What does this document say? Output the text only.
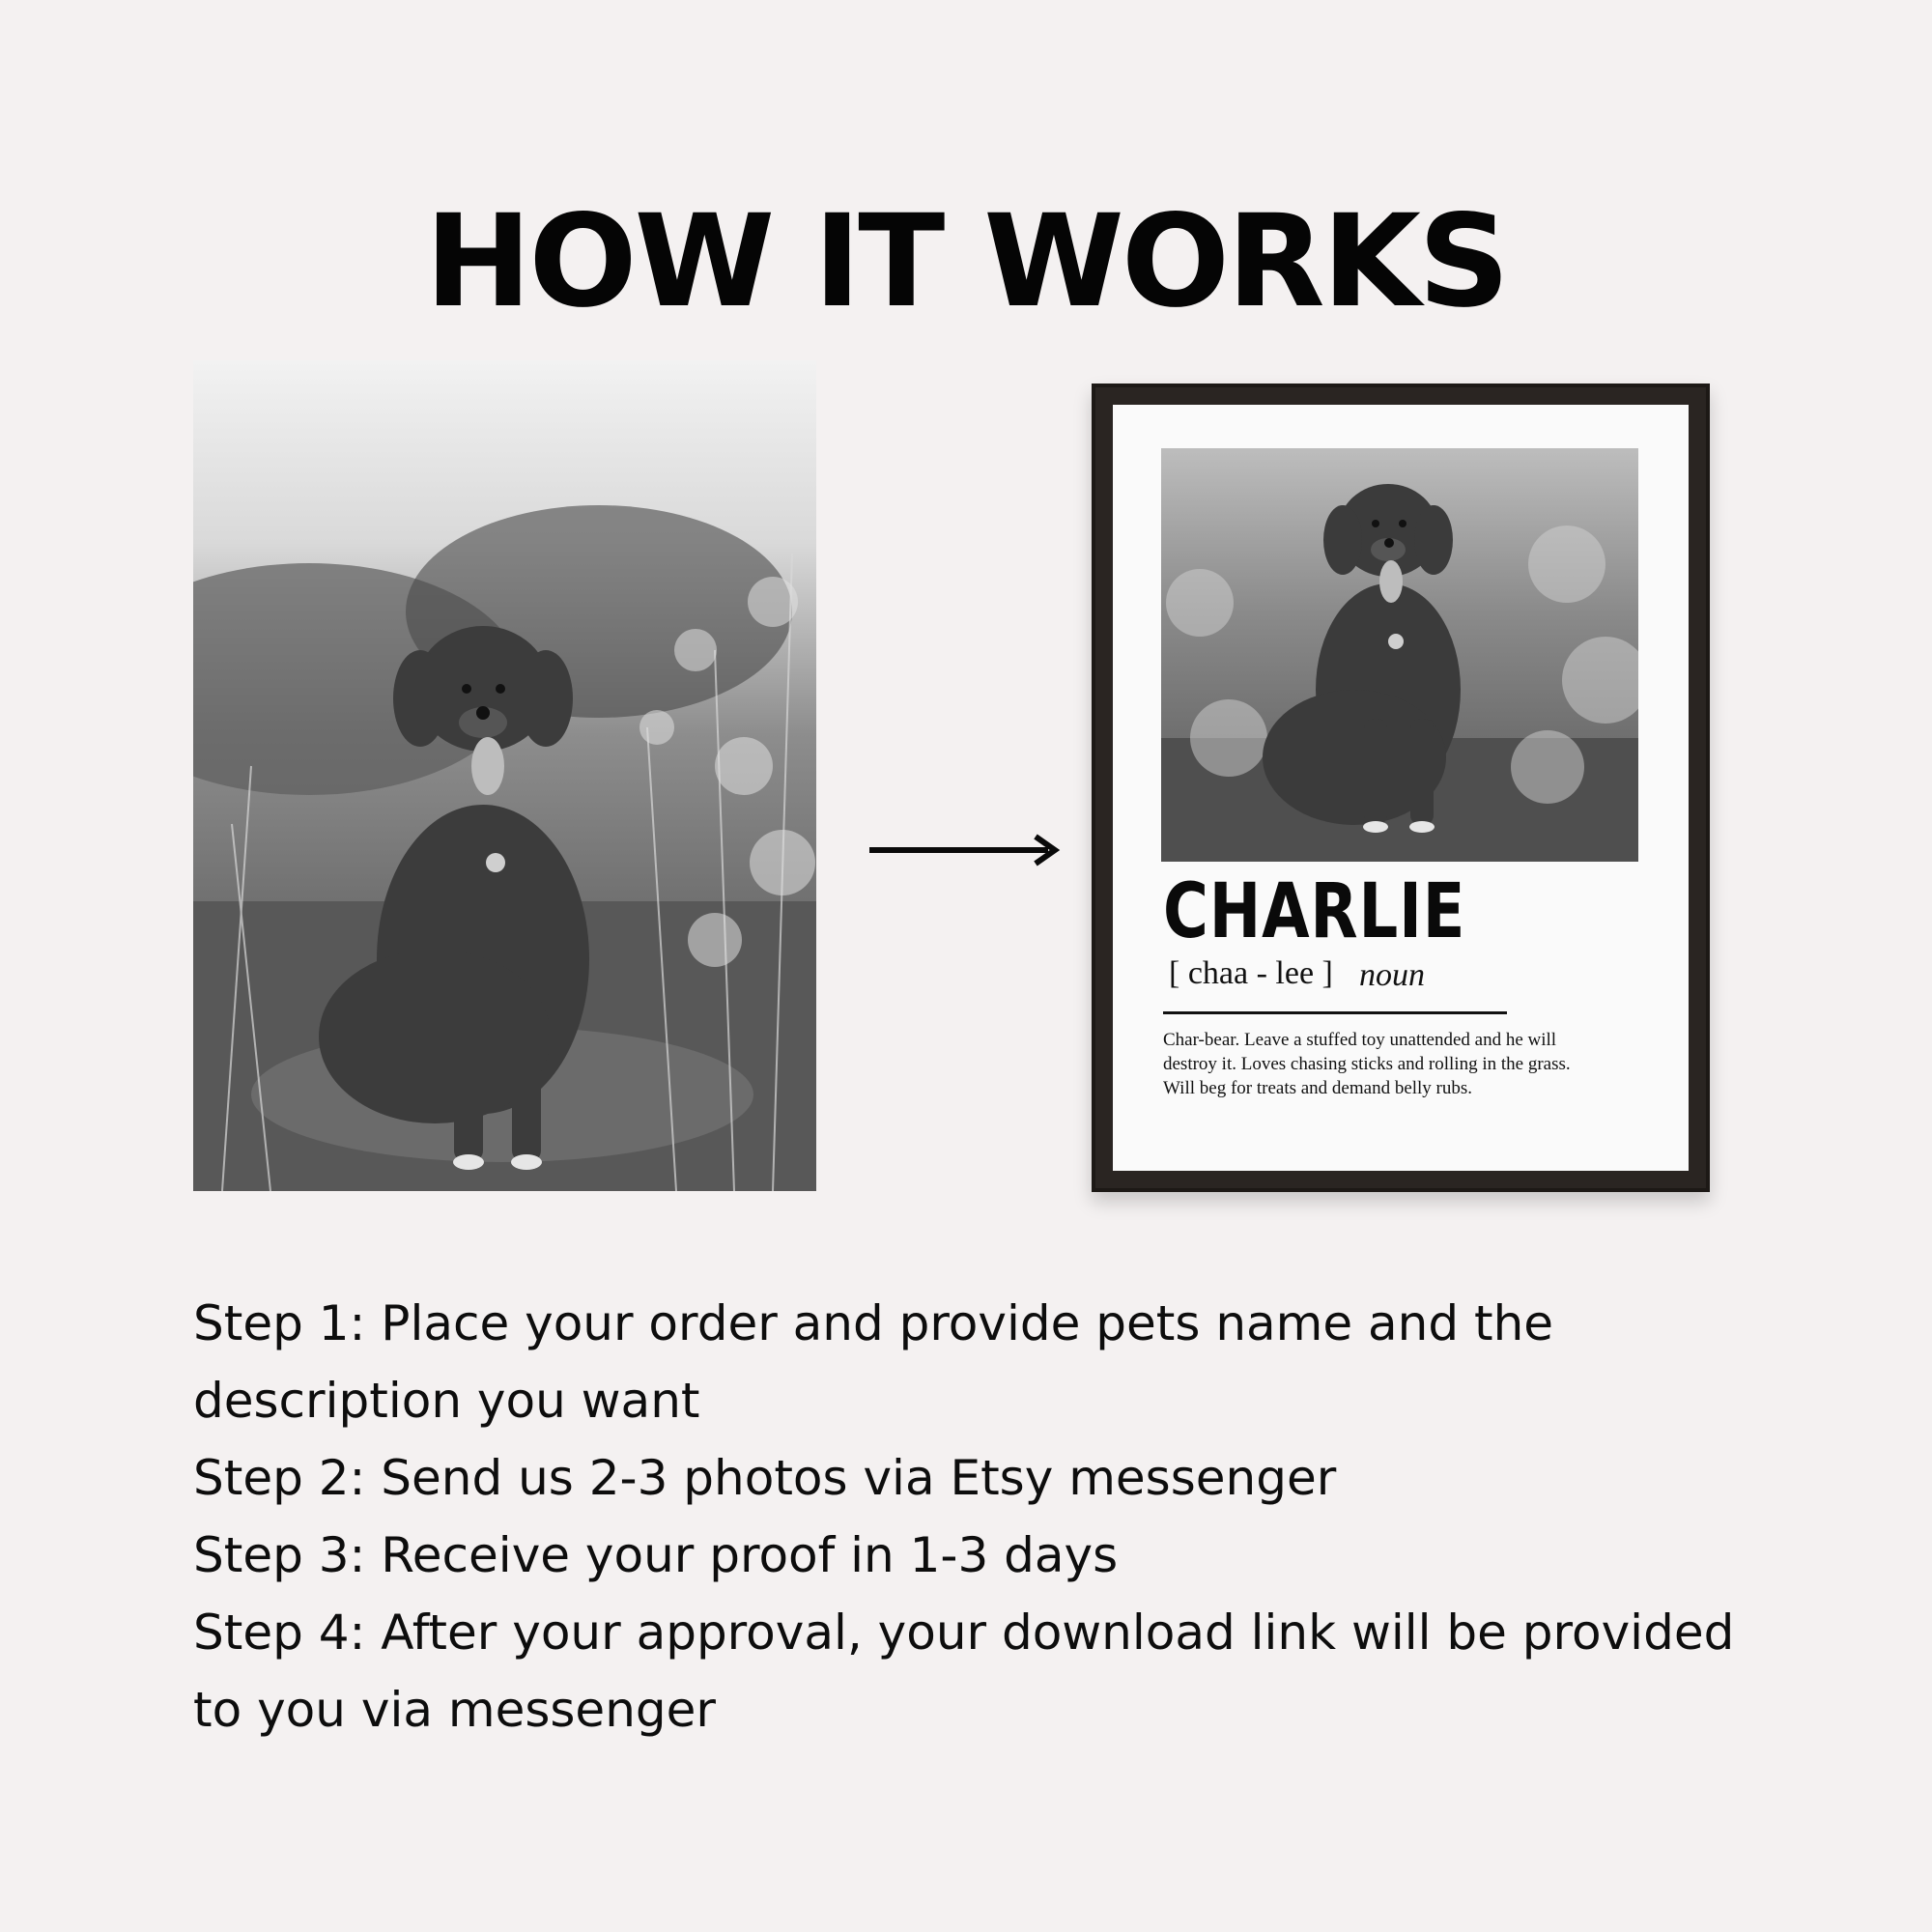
HOW IT WORKS
CHARLIE
[ chaa - lee ] noun
Char-bear. Leave a stuffed toy unattended and he will destroy it. Loves chasing sticks and rolling in the grass. Will beg for treats and demand belly rubs.
Step 1: Place your order and provide pets name and the description you want
Step 2: Send us 2-3 photos via Etsy messenger
Step 3: Receive your proof in 1-3 days
Step 4: After your approval, your download link will be provided to you via messenger
